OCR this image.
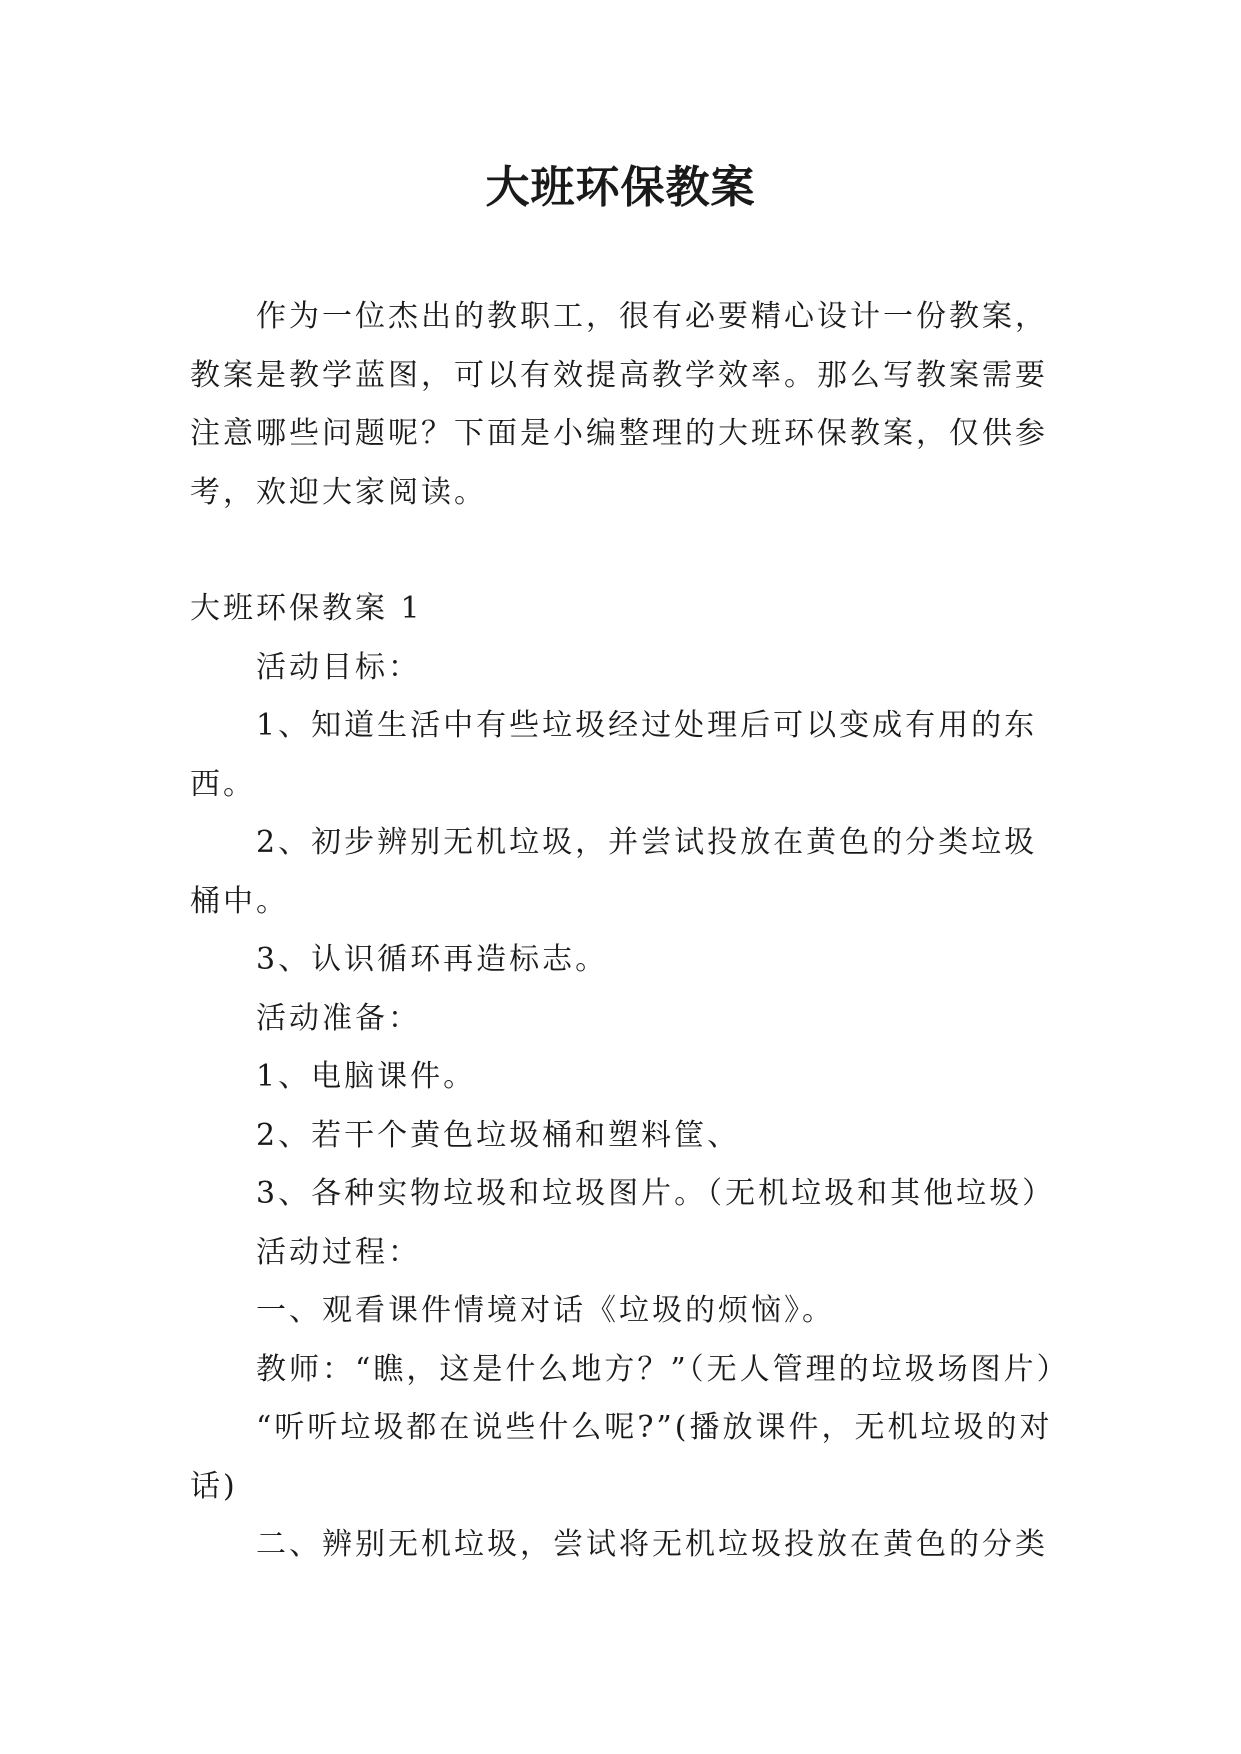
大班环保教案

作为一位杰出的教职工，很有必要精心设计一份教案，教案是教学蓝图，可以有效提高教学效率。那么写教案需要注意哪些问题呢？下面是小编整理的大班环保教案，仅供参考，欢迎大家阅读。

大班环保教案 1

活动目标：

1、知道生活中有些垃圾经过处理后可以变成有用的东西。

2、初步辨别无机垃圾，并尝试投放在黄色的分类垃圾桶中。

3、认识循环再造标志。

活动准备：

1、电脑课件。

2、若干个黄色垃圾桶和塑料筐、

3、各种实物垃圾和垃圾图片。（无机垃圾和其他垃圾）

活动过程：

一、观看课件情境对话《垃圾的烦恼》。

教师：“瞧，这是什么地方？”（无人管理的垃圾场图片）

“听听垃圾都在说些什么呢?”(播放课件，无机垃圾的对话)

二、辨别无机垃圾，尝试将无机垃圾投放在黄色的分类
